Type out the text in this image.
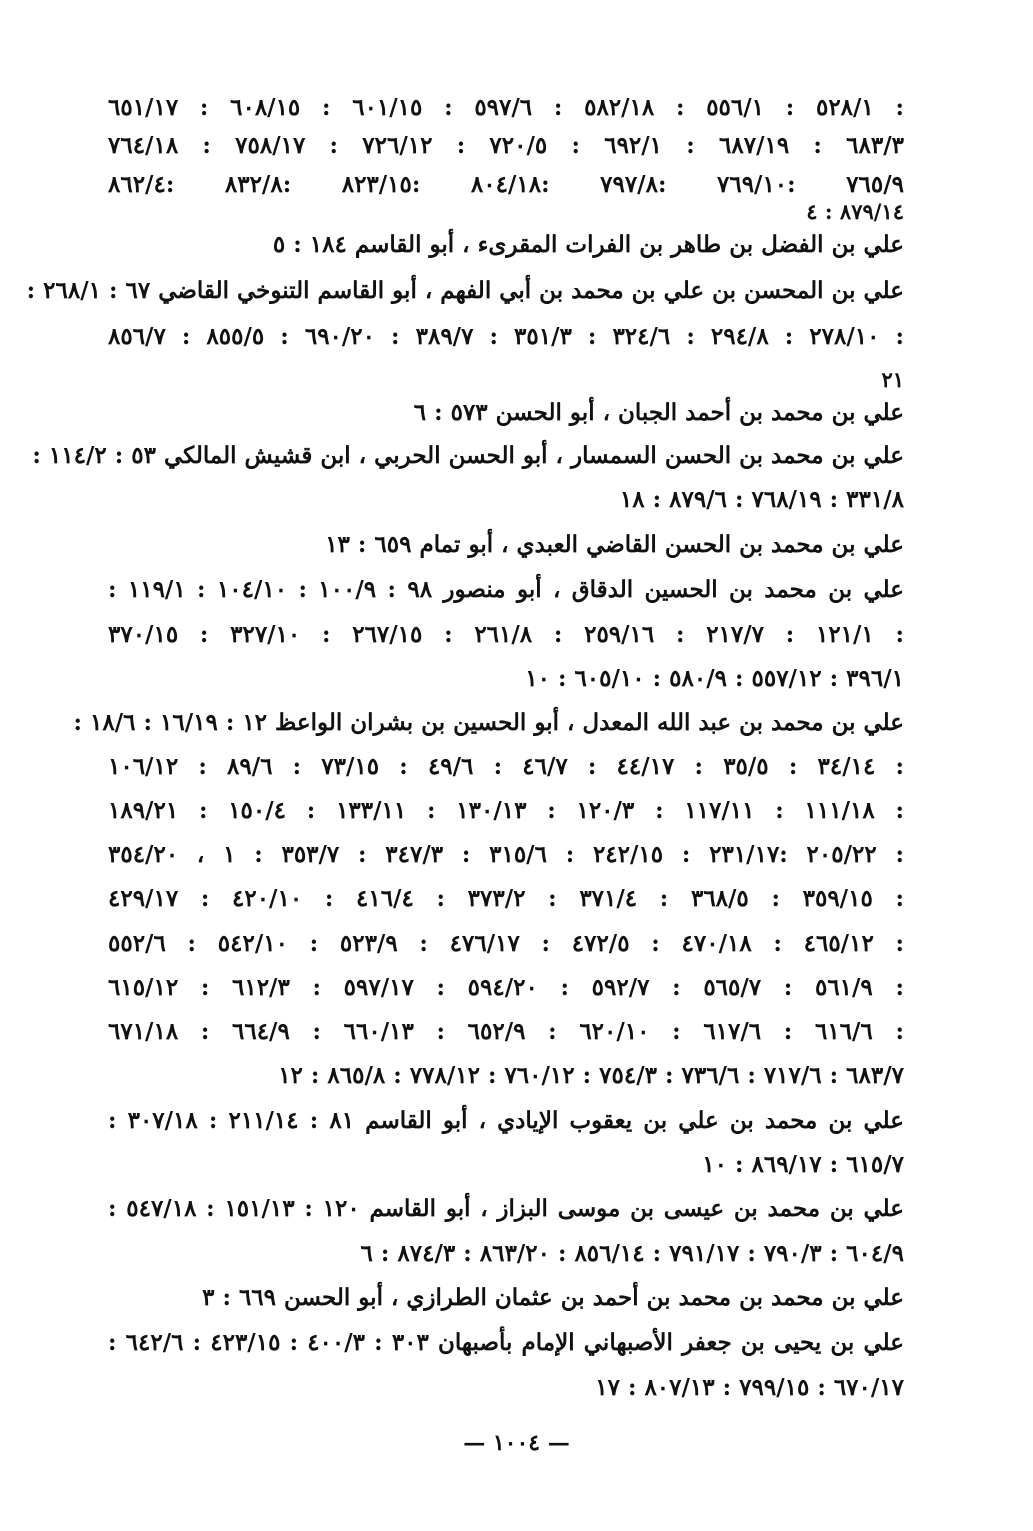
٥٢٨/١ : ٥٥٦/١ : ٥٨٢/١٨ : ٥٩٧/٦ : ٦٠١/١٥ : ٦٠٨/١٥ : ٦٥١/١٧ :
٦٨٣/٣ : ٦٨٧/١٩ : ٦٩٢/١ : ٧٢٠/٥ : ٧٢٦/١٢ : ٧٥٨/١٧ : ٧٦٤/١٨
٧٦٥/٩ :٧٦٩/١٠ :٧٩٧/٨ :٨٠٤/١٨ :٨٢٣/١٥ :٨٣٢/٨ :٨٦٢/٤
٨٧٩/١٤ : ٤
علي بن الفضل بن طاهر بن الفرات المقرىء ، أبو القاسم ١٨٤ : ٥
علي بن المحسن بن علي بن محمد بن أبي الفهم ، أبو القاسم التنوخي القاضي ٦٧ : ٢٦٨/١ :
٢٧٨/١٠ : ٢٩٤/٨ : ٣٢٤/٦ : ٣٥١/٣ : ٣٨٩/٧ : ٦٩٠/٢٠ : ٨٥٥/٥ : ٨٥٦/٧ :
٢١
علي بن محمد بن أحمد الجبان ، أبو الحسن ٥٧٣ : ٦
علي بن محمد بن الحسن السمسار ، أبو الحسن الحربي ، ابن قشيش المالكي ٥٣ : ١١٤/٢ :
٣٣١/٨ : ٧٦٨/١٩ : ٨٧٩/٦ : ١٨
علي بن محمد بن الحسن القاضي العبدي ، أبو تمام ٦٥٩ : ١٣
علي بن محمد بن الحسين الدقاق ، أبو منصور ٩٨ : ١٠٠/٩ : ١٠٤/١٠ : ١١٩/١ :
١٢١/١ : ٢١٧/٧ : ٢٥٩/١٦ : ٢٦١/٨ : ٢٦٧/١٥ : ٣٢٧/١٠ : ٣٧٠/١٥ :
٣٩٦/١ : ٥٥٧/١٢ : ٥٨٠/٩ : ٦٠٥/١٠ : ١٠
علي بن محمد بن عبد الله المعدل ، أبو الحسين بن بشران الواعظ ١٢ : ١٦/١٩ : ١٨/٦ :
٣٤/١٤ : ٣٥/٥ : ٤٤/١٧ : ٤٦/٧ : ٤٩/٦ : ٧٣/١٥ : ٨٩/٦ : ١٠٦/١٢ :
١١١/١٨ : ١١٧/١١ : ١٢٠/٣ : ١٣٠/١٣ : ١٣٣/١١ : ١٥٠/٤ : ١٨٩/٢١ :
٢٠٥/٢٢ :٢٣١/١٧ : ٢٤٢/١٥ : ٣١٥/٦ : ٣٤٧/٣ : ٣٥٣/٧ : ١ ، ٣٥٤/٢٠ :
٣٥٩/١٥ : ٣٦٨/٥ : ٣٧١/٤ : ٣٧٣/٢ : ٤١٦/٤ : ٤٢٠/١٠ : ٤٢٩/١٧ :
٤٦٥/١٢ : ٤٧٠/١٨ : ٤٧٢/٥ : ٤٧٦/١٧ : ٥٢٣/٩ : ٥٤٢/١٠ : ٥٥٢/٦ :
٥٦١/٩ : ٥٦٥/٧ : ٥٩٢/٧ : ٥٩٤/٢٠ : ٥٩٧/١٧ : ٦١٢/٣ : ٦١٥/١٢ :
٦١٦/٦ : ٦١٧/٦ : ٦٢٠/١٠ : ٦٥٢/٩ : ٦٦٠/١٣ : ٦٦٤/٩ : ٦٧١/١٨ :
٦٨٣/٧ : ٧١٧/٦ : ٧٣٦/٦ : ٧٥٤/٣ : ٧٦٠/١٢ : ٧٧٨/١٢ : ٨٦٥/٨ : ١٢
علي بن محمد بن علي بن يعقوب الإيادي ، أبو القاسم ٨١ : ٢١١/١٤ : ٣٠٧/١٨ :
٦١٥/٧ : ٨٦٩/١٧ : ١٠
علي بن محمد بن عيسى بن موسى البزاز ، أبو القاسم ١٢٠ : ١٥١/١٣ : ٥٤٧/١٨ :
٦٠٤/٩ : ٧٩٠/٣ : ٧٩١/١٧ : ٨٥٦/١٤ : ٨٦٣/٢٠ : ٨٧٤/٣ : ٦
علي بن محمد بن محمد بن أحمد بن عثمان الطرازي ، أبو الحسن ٦٦٩ : ٣
علي بن يحيى بن جعفر الأصبهاني الإمام بأصبهان ٣٠٣ : ٤٠٠/٣ : ٤٢٣/١٥ : ٦٤٢/٦ :
٦٧٠/١٧ : ٧٩٩/١٥ : ٨٠٧/١٣ : ١٧
— ١٠٠٤ —
